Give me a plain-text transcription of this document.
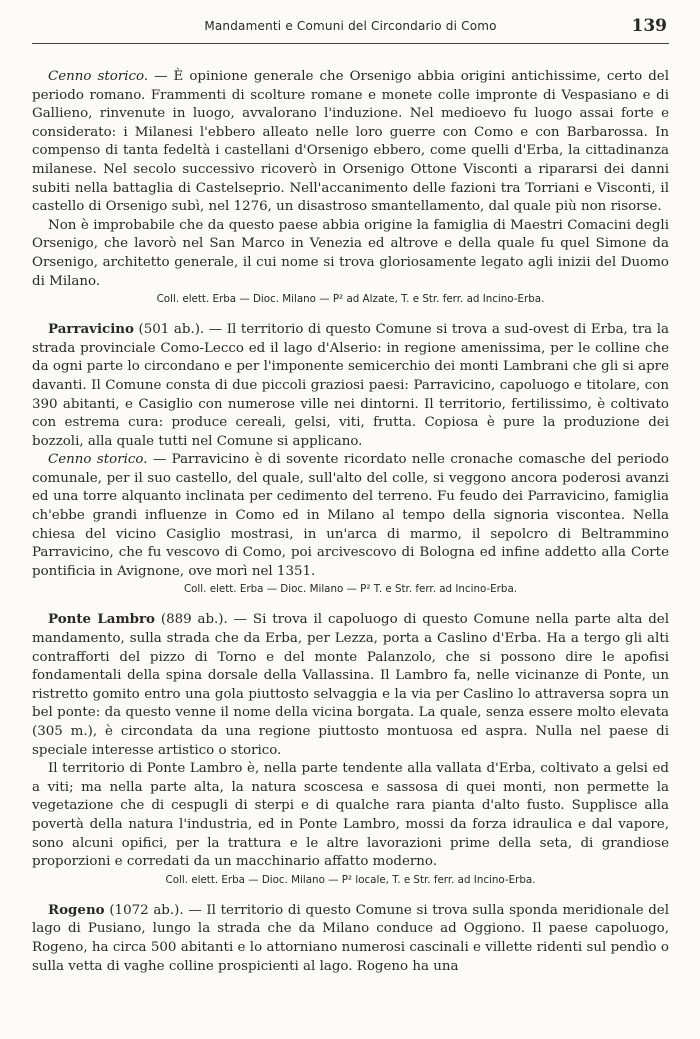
Mandamenti e Comuni del Circondario di Como	139

Cenno storico. — È opinione generale che Orsenigo abbia origini antichissime, certo del periodo romano. Frammenti di scolture romane e monete colle impronte di Vespasiano e di Gallieno, rinvenute in luogo, avvalorano l'induzione. Nel medioevo fu luogo assai forte e considerato: i Milanesi l'ebbero alleato nelle loro guerre con Como e con Barbarossa. In compenso di tanta fedeltà i castellani d'Orsenigo ebbero, come quelli d'Erba, la cittadinanza milanese. Nel secolo successivo ricoverò in Orsenigo Ottone Visconti a ripararsi dei danni subiti nella battaglia di Castelseprio. Nell'accanimento delle fazioni tra Torriani e Visconti, il castello di Orsenigo subì, nel 1276, un disastroso smantellamento, dal quale più non risorse.

Non è improbabile che da questo paese abbia origine la famiglia di Maestri Comacini degli Orsenigo, che lavorò nel San Marco in Venezia ed altrove e della quale fu quel Simone da Orsenigo, architetto generale, il cui nome si trova gloriosamente legato agli inizii del Duomo di Milano.

Coll. elett. Erba — Dioc. Milano — P² ad Alzate, T. e Str. ferr. ad Incino-Erba.

Parravicino (501 ab.). — Il territorio di questo Comune si trova a sud-ovest di Erba, tra la strada provinciale Como-Lecco ed il lago d'Alserio: in regione amenissima, per le colline che da ogni parte lo circondano e per l'imponente semicerchio dei monti Lambrani che gli si apre davanti. Il Comune consta di due piccoli graziosi paesi: Parravicino, capoluogo e titolare, con 390 abitanti, e Casiglio con numerose ville nei dintorni. Il territorio, fertilissimo, è coltivato con estrema cura: produce cereali, gelsi, viti, frutta. Copiosa è pure la produzione dei bozzoli, alla quale tutti nel Comune si applicano.

Cenno storico. — Parravicino è di sovente ricordato nelle cronache comasche del periodo comunale, per il suo castello, del quale, sull'alto del colle, si veggono ancora poderosi avanzi ed una torre alquanto inclinata per cedimento del terreno. Fu feudo dei Parravicino, famiglia ch'ebbe grandi influenze in Como ed in Milano al tempo della signoria viscontea. Nella chiesa del vicino Casiglio mostrasi, in un'arca di marmo, il sepolcro di Beltrammino Parravicino, che fu vescovo di Como, poi arcivescovo di Bologna ed infine addetto alla Corte pontificia in Avignone, ove morì nel 1351.

Coll. elett. Erba — Dioc. Milano — P² T. e Str. ferr. ad Incino-Erba.

Ponte Lambro (889 ab.). — Si trova il capoluogo di questo Comune nella parte alta del mandamento, sulla strada che da Erba, per Lezza, porta a Caslino d'Erba. Ha a tergo gli alti contrafforti del pizzo di Torno e del monte Palanzolo, che si possono dire le apofisi fondamentali della spina dorsale della Vallassina. Il Lambro fa, nelle vicinanze di Ponte, un ristretto gomito entro una gola piuttosto selvaggia e la via per Caslino lo attraversa sopra un bel ponte: da questo venne il nome della vicina borgata. La quale, senza essere molto elevata (305 m.), è circondata da una regione piuttosto montuosa ed aspra. Nulla nel paese di speciale interesse artistico o storico.

Il territorio di Ponte Lambro è, nella parte tendente alla vallata d'Erba, coltivato a gelsi ed a viti; ma nella parte alta, la natura scoscesa e sassosa di quei monti, non permette la vegetazione che di cespugli di sterpi e di qualche rara pianta d'alto fusto. Supplisce alla povertà della natura l'industria, ed in Ponte Lambro, mossi da forza idraulica e dal vapore, sono alcuni opifici, per la trattura e le altre lavorazioni prime della seta, di grandiose proporzioni e corredati da un macchinario affatto moderno.

Coll. elett. Erba — Dioc. Milano — P² locale, T. e Str. ferr. ad Incino-Erba.

Rogeno (1072 ab.). — Il territorio di questo Comune si trova sulla sponda meridionale del lago di Pusiano, lungo la strada che da Milano conduce ad Oggiono. Il paese capoluogo, Rogeno, ha circa 500 abitanti e lo attorniano numerosi cascinali e villette ridenti sul pendìo o sulla vetta di vaghe colline prospicienti al lago. Rogeno ha una
